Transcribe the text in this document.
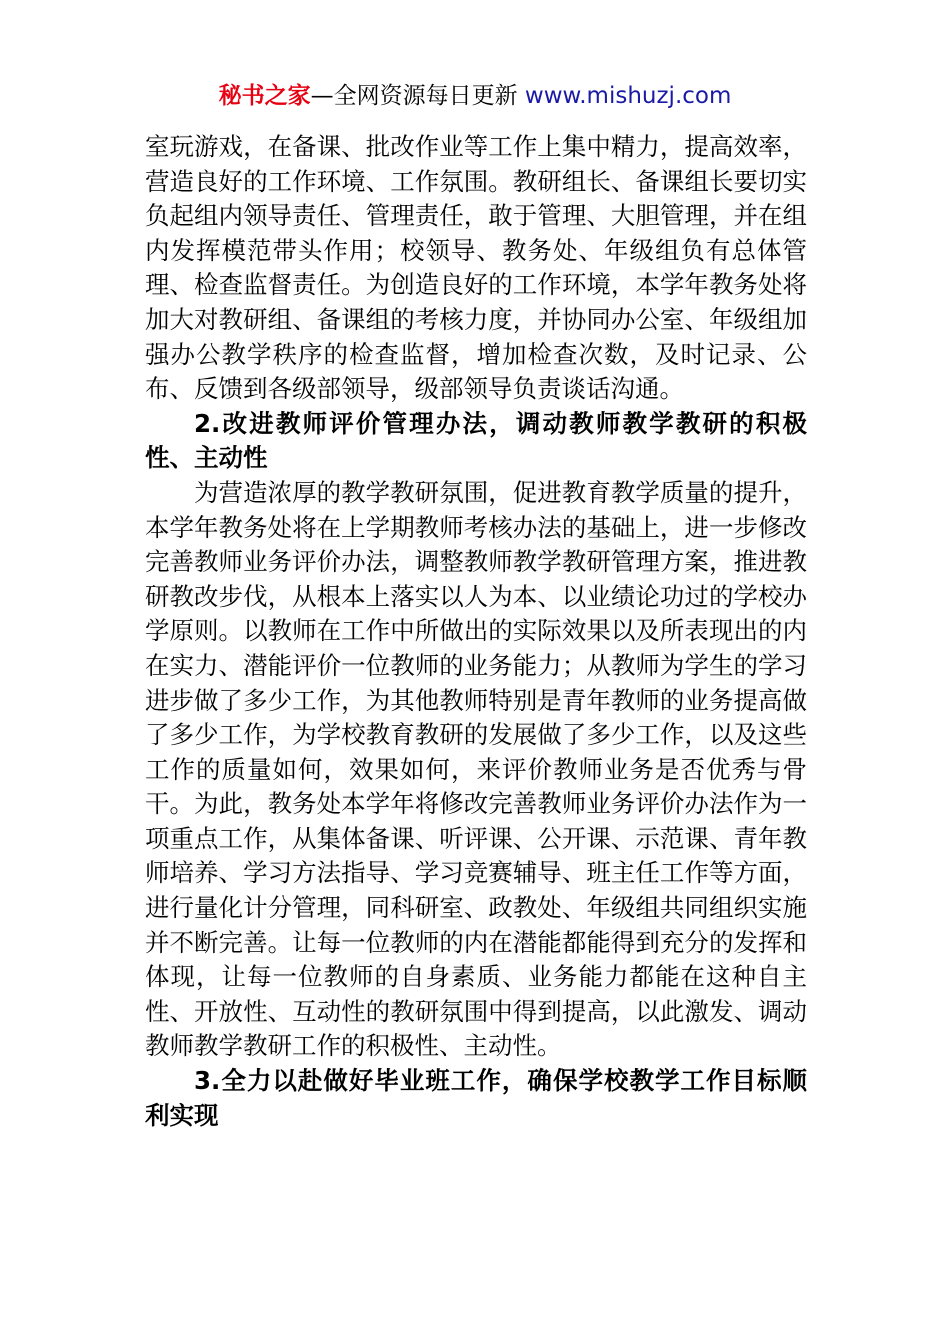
秘书之家—全网资源每日更新 www.mishuzj.com

室玩游戏，在备课、批改作业等工作上集中精力，提高效率，营造良好的工作环境、工作氛围。教研组长、备课组长要切实负起组内领导责任、管理责任，敢于管理、大胆管理，并在组内发挥模范带头作用；校领导、教务处、年级组负有总体管理、检查监督责任。为创造良好的工作环境，本学年教务处将加大对教研组、备课组的考核力度，并协同办公室、年级组加强办公教学秩序的检查监督，增加检查次数，及时记录、公布、反馈到各级部领导，级部领导负责谈话沟通。

2.改进教师评价管理办法，调动教师教学教研的积极性、主动性

为营造浓厚的教学教研氛围，促进教育教学质量的提升，本学年教务处将在上学期教师考核办法的基础上，进一步修改完善教师业务评价办法，调整教师教学教研管理方案，推进教研教改步伐，从根本上落实以人为本、以业绩论功过的学校办学原则。以教师在工作中所做出的实际效果以及所表现出的内在实力、潜能评价一位教师的业务能力；从教师为学生的学习进步做了多少工作，为其他教师特别是青年教师的业务提高做了多少工作，为学校教育教研的发展做了多少工作，以及这些工作的质量如何，效果如何，来评价教师业务是否优秀与骨干。为此，教务处本学年将修改完善教师业务评价办法作为一项重点工作，从集体备课、听评课、公开课、示范课、青年教师培养、学习方法指导、学习竞赛辅导、班主任工作等方面，进行量化计分管理，同科研室、政教处、年级组共同组织实施并不断完善。让每一位教师的内在潜能都能得到充分的发挥和体现，让每一位教师的自身素质、业务能力都能在这种自主性、开放性、互动性的教研氛围中得到提高，以此激发、调动教师教学教研工作的积极性、主动性。

3.全力以赴做好毕业班工作，确保学校教学工作目标顺利实现
